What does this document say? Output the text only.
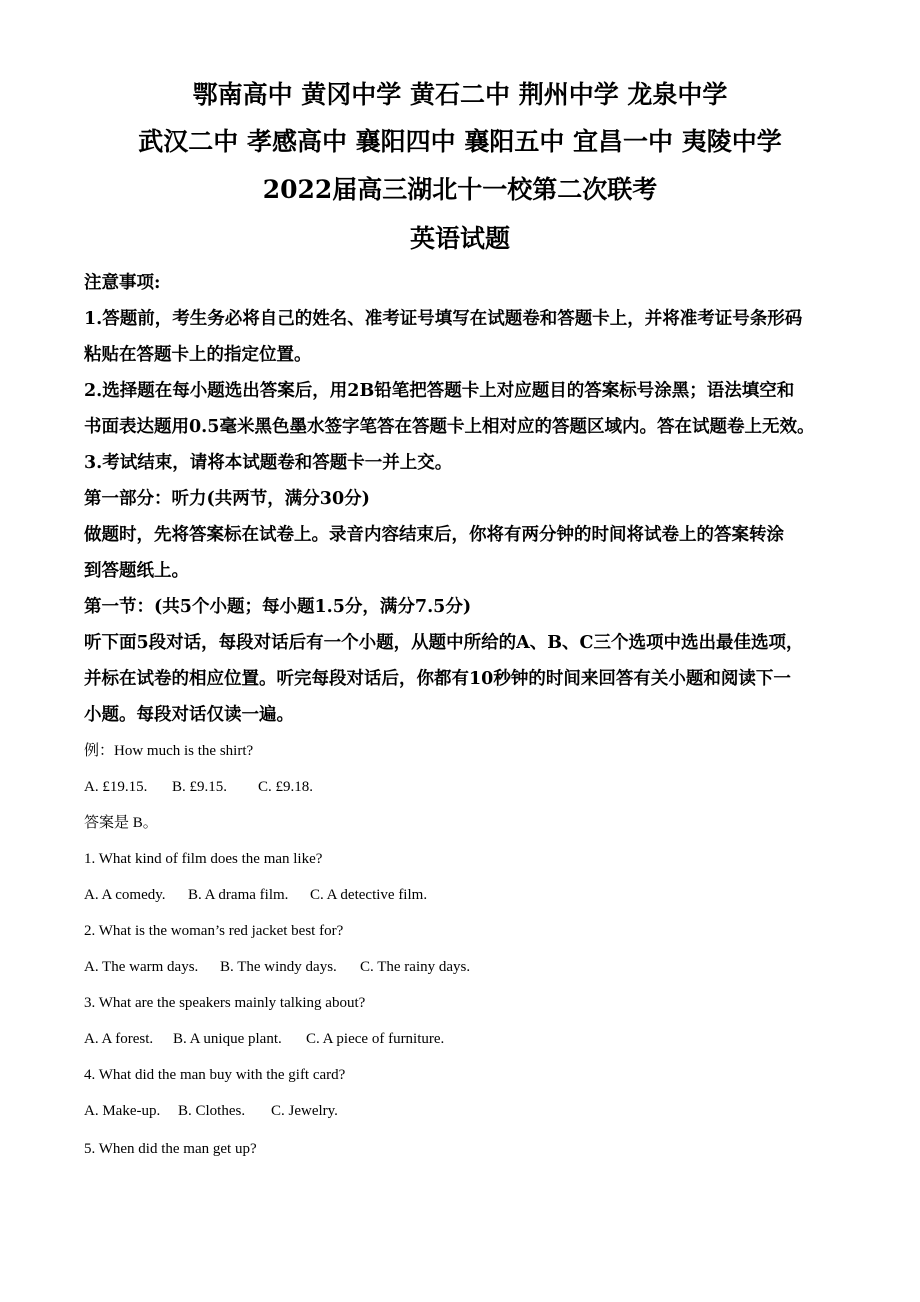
鄂南高中 黄冈中学 黄石二中 荆州中学 龙泉中学
武汉二中 孝感高中 襄阳四中 襄阳五中 宜昌一中 夷陵中学
2022届高三湖北十一校第二次联考
英语试题
注意事项:
1.答题前，考生务必将自己的姓名、准考证号填写在试题卷和答题卡上，并将准考证号条形码
粘贴在答题卡上的指定位置。
2.选择题在每小题选出答案后，用2B铅笔把答题卡上对应题目的答案标号涂黑；语法填空和
书面表达题用0.5毫米黑色墨水签字笔答在答题卡上相对应的答题区域内。答在试题卷上无效。
3.考试结束，请将本试题卷和答题卡一并上交。
第一部分：听力(共两节，满分30分)
做题时，先将答案标在试卷上。录音内容结束后，你将有两分钟的时间将试卷上的答案转涂
到答题纸上。
第一节：(共5个小题；每小题1.5分，满分7.5分)
听下面5段对话，每段对话后有一个小题，从题中所给的A、B、C三个选项中选出最佳选项，
并标在试卷的相应位置。听完每段对话后，你都有10秒钟的时间来回答有关小题和阅读下一
小题。每段对话仅读一遍。
例：How much is the shirt?
A. £19.15. B. £9.15. C. £9.18.
答案是 B。
1. What kind of film does the man like?
A. A comedy. B. A drama film. C. A detective film.
2. What is the woman’s red jacket best for?
A. The warm days. B. The windy days. C. The rainy days.
3. What are the speakers mainly talking about?
A. A forest. B. A unique plant. C. A piece of furniture.
4. What did the man buy with the gift card?
A. Make-up. B. Clothes. C. Jewelry.
5. When did the man get up?
